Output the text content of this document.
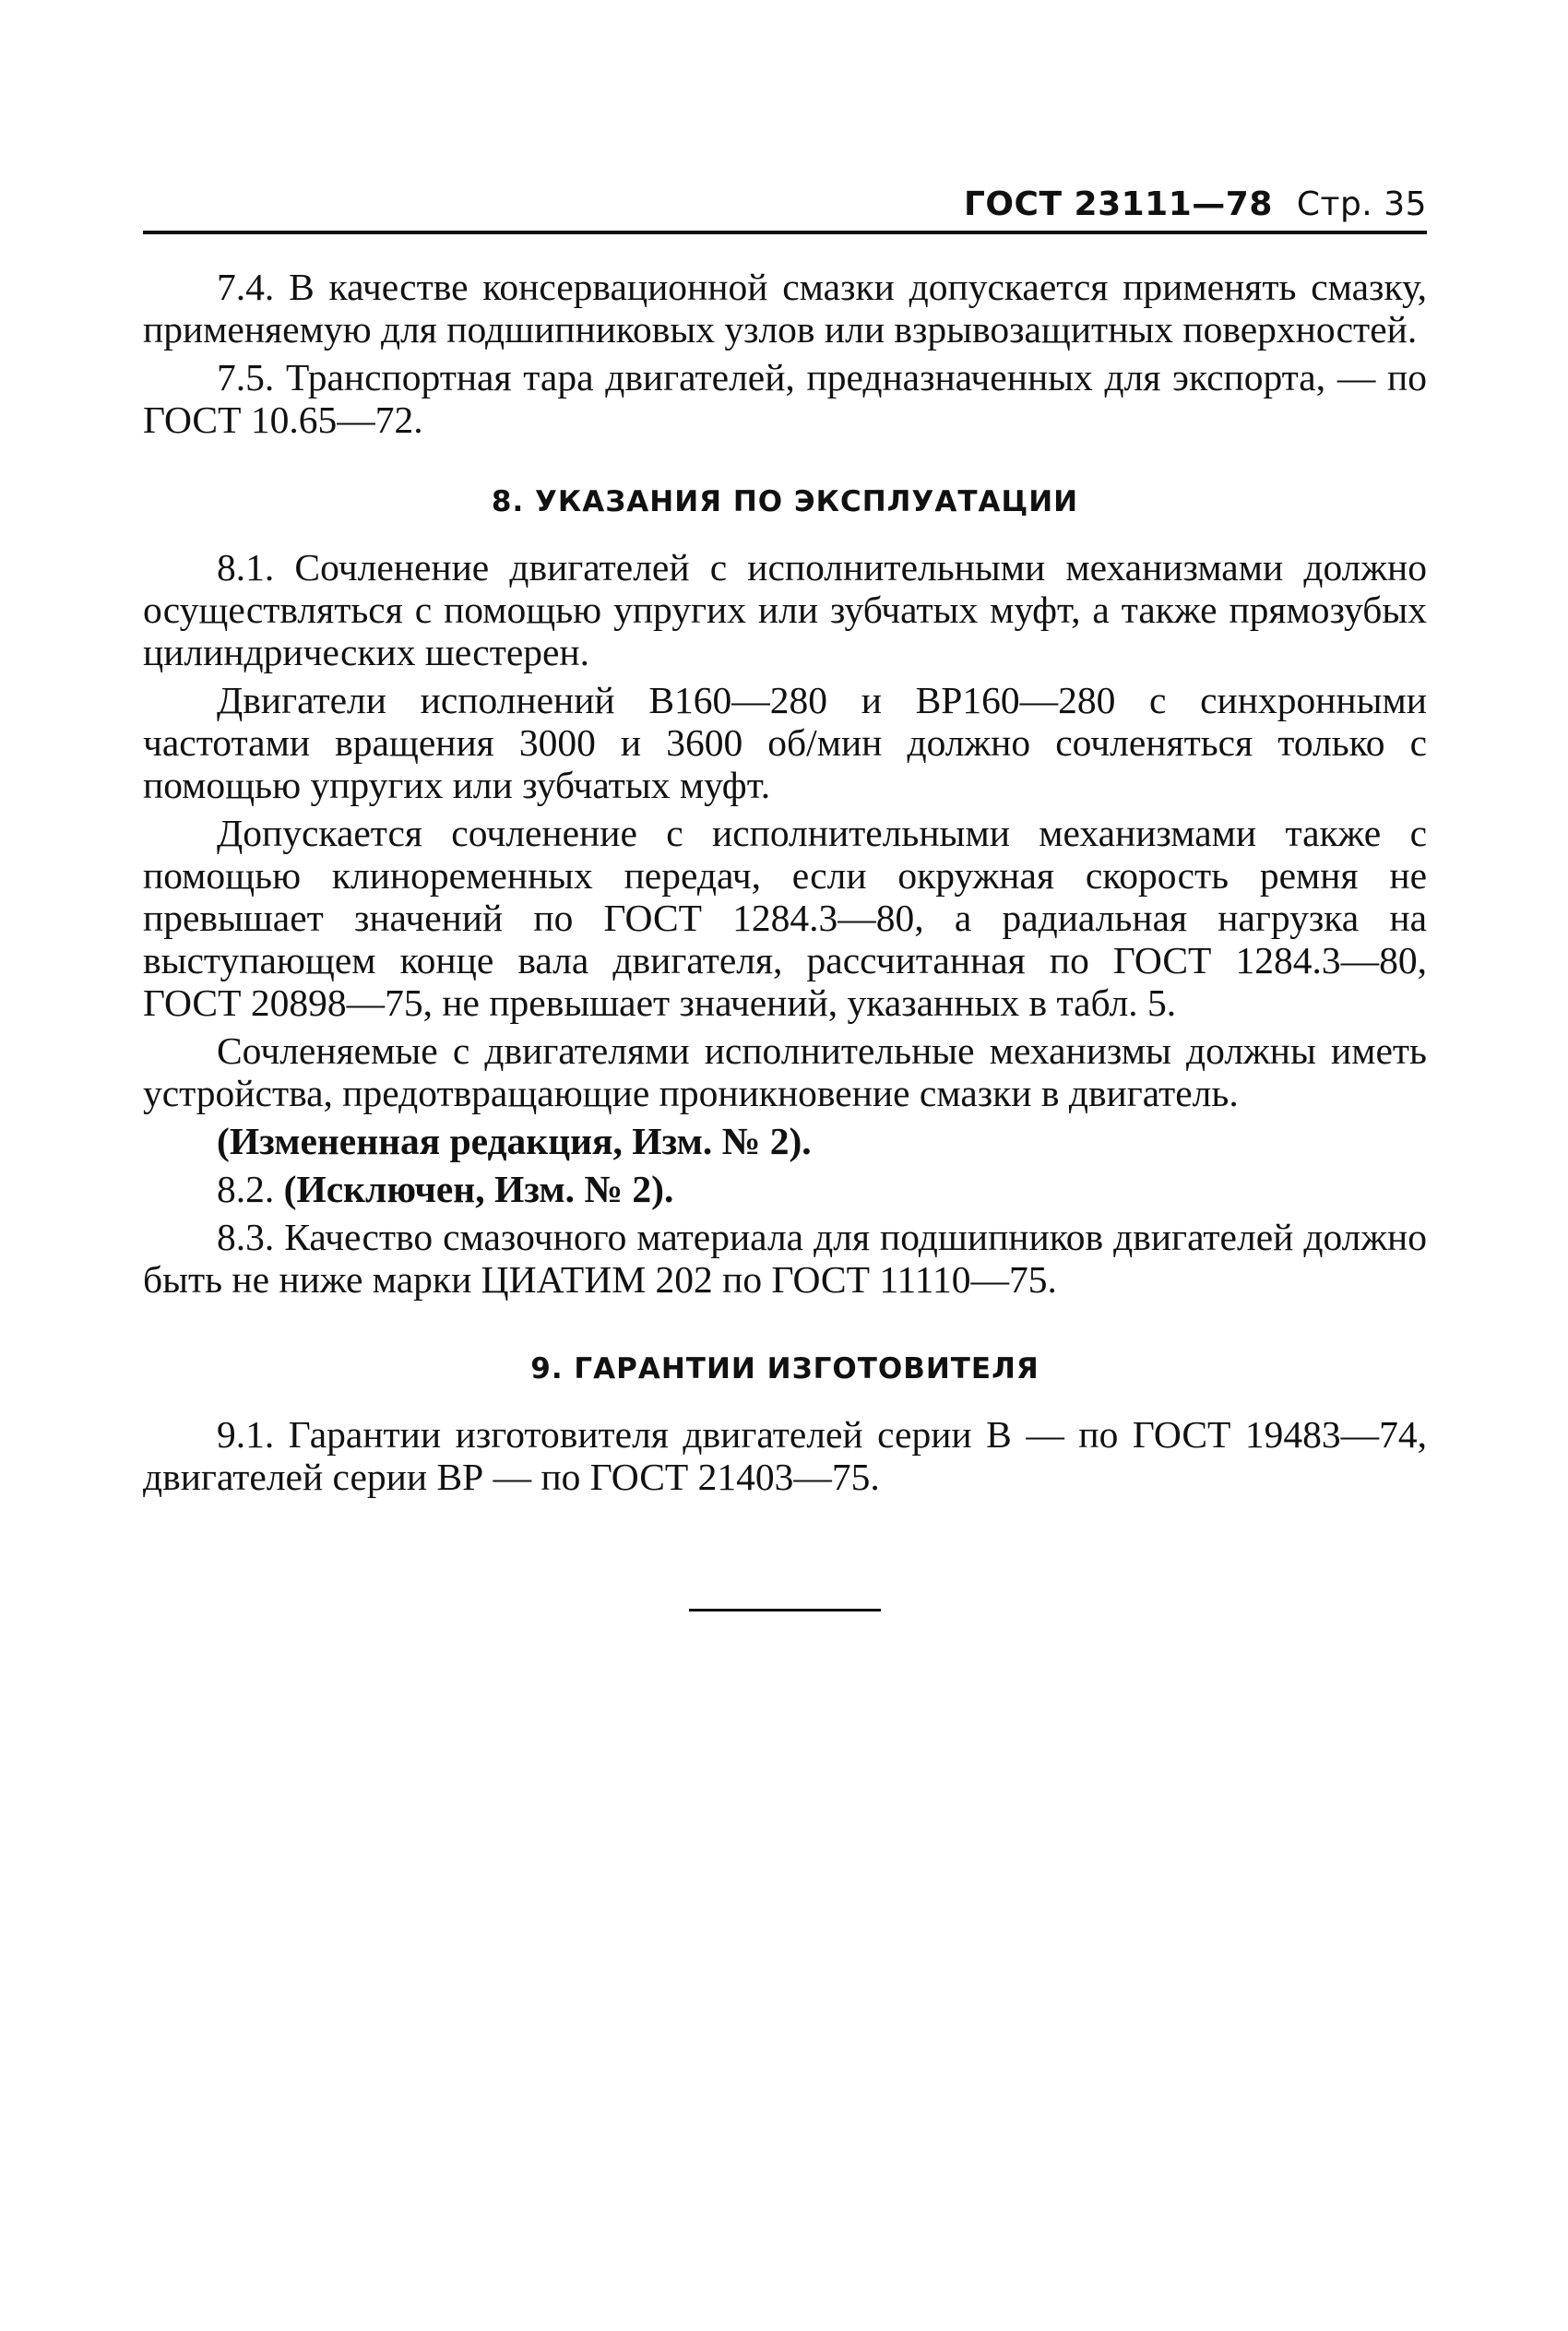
ГОСТ 23111—78 Стр. 35

7.4. В качестве консервационной смазки допускается применять смазку, применяемую для подшипниковых узлов или взрывозащитных поверхностей.

7.5. Транспортная тара двигателей, предназначенных для экспорта, — по ГОСТ 10.65—72.

8. УКАЗАНИЯ ПО ЭКСПЛУАТАЦИИ

8.1. Сочленение двигателей с исполнительными механизмами должно осуществляться с помощью упругих или зубчатых муфт, а также прямозубых цилиндрических шестерен.

Двигатели исполнений В160—280 и ВР160—280 с синхронными частотами вращения 3000 и 3600 об/мин должно сочленяться только с помощью упругих или зубчатых муфт.

Допускается сочленение с исполнительными механизмами также с помощью клиноременных передач, если окружная скорость ремня не превышает значений по ГОСТ 1284.3—80, а радиальная нагрузка на выступающем конце вала двигателя, рассчитанная по ГОСТ 1284.3—80, ГОСТ 20898—75, не превышает значений, указанных в табл. 5.

Сочленяемые с двигателями исполнительные механизмы должны иметь устройства, предотвращающие проникновение смазки в двигатель.

(Измененная редакция, Изм. № 2).

8.2. (Исключен, Изм. № 2).

8.3. Качество смазочного материала для подшипников двигателей должно быть не ниже марки ЦИАТИМ 202 по ГОСТ 11110—75.

9. ГАРАНТИИ ИЗГОТОВИТЕЛЯ

9.1. Гарантии изготовителя двигателей серии В — по ГОСТ 19483—74, двигателей серии ВР — по ГОСТ 21403—75.
